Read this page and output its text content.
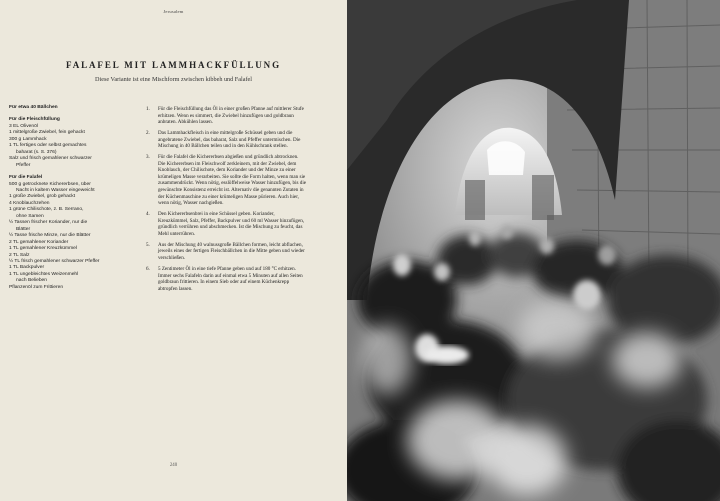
Jerusalem
FALAFEL MIT LAMMHACKFÜLLUNG
Diese Variante ist eine Mischform zwischen kibbeh und Falafel
Für etwa 40 Bällchen
Für die Fleischfüllung
3 EL Olivenöl
1 mittelgroße Zwiebel, fein gehackt
300 g Lammhack
1 TL fertiges oder selbst gemachtes
baharat (s. S. 376)
Salz und frisch gemahlener schwarzer
Pfeffer
Für die Falafel
500 g getrocknete Kichererbsen, über
Nacht in kaltem Wasser eingeweicht
1 große Zwiebel, grob gehackt
4 Knoblauchzehen
1 grüne Chilischote, z. B. Serrano,
ohne Samen
½ Tassen frischer Koriander, nur die
Blätter
½ Tasse frische Minze, nur die Blätter
2 TL gemahlener Koriander
1 TL gemahlener Kreuzkümmel
2 TL Salz
½ TL frisch gemahlener schwarzer Pfeffer
1 TL Backpulver
1 TL ungebleichtes Weizenmehl
nach Belieben
Pflanzenöl zum Frittieren
1. Für die Fleischfüllung das Öl in einer großen Pfanne auf mittlerer Stufe erhitzen. Wenn es simmert, die Zwiebel hinzufügen und goldbraun anbraten. Abkühlen lassen.
2. Das Lammhackfleisch in eine mittelgroße Schüssel geben und die angebratene Zwiebel, das baharat, Salz und Pfeffer untermischen. Die Mischung in 40 Bällchen teilen und in den Kühlschrank stellen.
3. Für die Falafel die Kichererbsen abgießen und gründlich abtrocknen. Die Kichererbsen im Fleischwolf zerkleinern, mit der Zwiebel, dem Knoblauch, der Chilischote, dem Koriander und der Minze zu einer krümeligen Masse verarbeiten. Sie sollte die Form halten, wenn man sie zusammendrückt. Wenn nötig, esslöffelweise Wasser hinzufügen, bis die gewünschte Konsistenz erreicht ist. Alternativ die genannten Zutaten in der Küchenmaschine zu einer krümeligen Masse pürieren. Auch hier, wenn nötig, Wasser nachgießen.
4. Den Kichererbsenbrei in eine Schüssel geben. Koriander, Kreuzkümmel, Salz, Pfeffer, Backpulver und 60 ml Wasser hinzufügen, gründlich verrühren und abschmecken. Ist die Mischung zu feucht, das Mehl unterrühren.
5. Aus der Mischung 40 walnussgroße Bällchen formen, leicht abflachen, jeweils eines der fertigen Fleischbällchen in die Mitte geben und wieder verschließen.
6. 5 Zentimeter Öl in eine tiefe Pfanne geben und auf 180 °C erhitzen. Immer sechs Falafeln darin auf einmal etwa 5 Minuten auf allen Seiten goldbraun frittieren. In einem Sieb oder auf einem Küchenkrepp abtropfen lassen.
240
